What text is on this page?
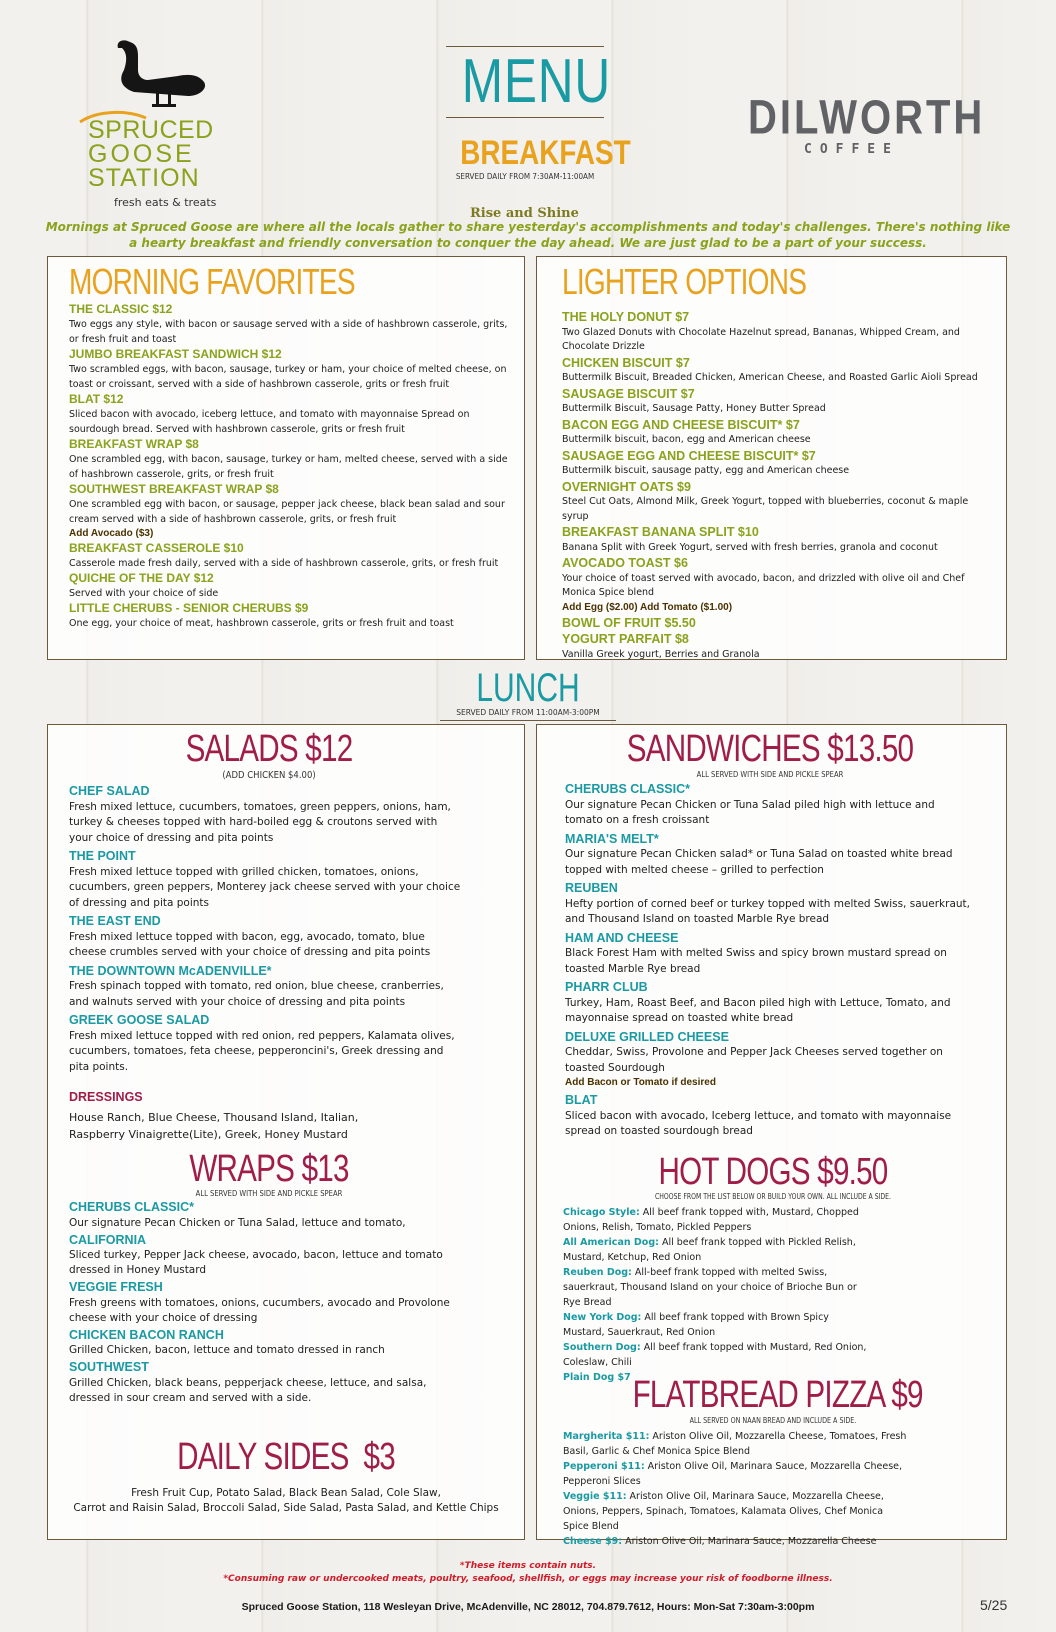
SPRUCED
GOOSE
STATION
fresh eats & treats
DILWORTH
COFFEE
MENU
BREAKFAST
SERVED DAILY FROM 7:30AM-11:00AM
Rise and Shine
Mornings at Spruced Goose are where all the locals gather to share yesterday's accomplishments and today's challenges. There's nothing like
a hearty breakfast and friendly conversation to conquer the day ahead. We are just glad to be a part of your success.
MORNING FAVORITES
THE CLASSIC $12
Two eggs any style, with bacon or sausage served with a side of hashbrown casserole, grits, or fresh fruit and toast
JUMBO BREAKFAST SANDWICH $12
Two scrambled eggs, with bacon, sausage, turkey or ham, your choice of melted cheese, on toast or croissant, served with a side of hashbrown casserole, grits or fresh fruit
BLAT $12
Sliced bacon with avocado, iceberg lettuce, and tomato with mayonnaise Spread on sourdough bread. Served with hashbrown casserole, grits or fresh fruit
BREAKFAST WRAP $8
One scrambled egg, with bacon, sausage, turkey or ham, melted cheese, served with a side of hashbrown casserole, grits, or fresh fruit
SOUTHWEST BREAKFAST WRAP $8
One scrambled egg with bacon, or sausage, pepper jack cheese, black bean salad and sour cream served with a side of hashbrown casserole, grits, or fresh fruit
Add Avocado ($3)
BREAKFAST CASSEROLE $10
Casserole made fresh daily, served with a side of hashbrown casserole, grits, or fresh fruit
QUICHE OF THE DAY $12
Served with your choice of side
LITTLE CHERUBS - SENIOR CHERUBS $9
One egg, your choice of meat, hashbrown casserole, grits or fresh fruit and toast
LIGHTER OPTIONS
THE HOLY DONUT $7
Two Glazed Donuts with Chocolate Hazelnut spread, Bananas, Whipped Cream, and Chocolate Drizzle
CHICKEN BISCUIT $7
Buttermilk Biscuit, Breaded Chicken, American Cheese, and Roasted Garlic Aioli Spread
SAUSAGE BISCUIT $7
Buttermilk Biscuit, Sausage Patty, Honey Butter Spread
BACON EGG AND CHEESE BISCUIT* $7
Buttermilk biscuit, bacon, egg and American cheese
SAUSAGE EGG AND CHEESE BISCUIT* $7
Buttermilk biscuit, sausage patty, egg and American cheese
OVERNIGHT OATS $9
Steel Cut Oats, Almond Milk, Greek Yogurt, topped with blueberries, coconut & maple syrup
BREAKFAST BANANA SPLIT $10
Banana Split with Greek Yogurt, served with fresh berries, granola and coconut
AVOCADO TOAST $6
Your choice of toast served with avocado, bacon, and drizzled with olive oil and Chef Monica Spice blend
Add Egg ($2.00) Add Tomato ($1.00)
BOWL OF FRUIT $5.50
YOGURT PARFAIT $8
Vanilla Greek yogurt, Berries and Granola
LUNCH
SERVED DAILY FROM 11:00AM-3:00PM
SALADS $12
(ADD CHICKEN $4.00)
CHEF SALAD
Fresh mixed lettuce, cucumbers, tomatoes, green peppers, onions, ham, turkey & cheeses topped with hard-boiled egg & croutons served with your choice of dressing and pita points
THE POINT
Fresh mixed lettuce topped with grilled chicken, tomatoes, onions, cucumbers, green peppers, Monterey jack cheese served with your choice of dressing and pita points
THE EAST END
Fresh mixed lettuce topped with bacon, egg, avocado, tomato, blue cheese crumbles served with your choice of dressing and pita points
THE DOWNTOWN McADENVILLE*
Fresh spinach topped with tomato, red onion, blue cheese, cranberries, and walnuts served with your choice of dressing and pita points
GREEK GOOSE SALAD
Fresh mixed lettuce topped with red onion, red peppers, Kalamata olives, cucumbers, tomatoes, feta cheese, pepperoncini's, Greek dressing and pita points.
DRESSINGS
House Ranch, Blue Cheese, Thousand Island, Italian, Raspberry Vinaigrette(Lite), Greek, Honey Mustard
WRAPS $13
ALL SERVED WITH SIDE AND PICKLE SPEAR
CHERUBS CLASSIC*
Our signature Pecan Chicken or Tuna Salad, lettuce and tomato,
CALIFORNIA
Sliced turkey, Pepper Jack cheese, avocado, bacon, lettuce and tomato dressed in Honey Mustard
VEGGIE FRESH
Fresh greens with tomatoes, onions, cucumbers, avocado and Provolone cheese with your choice of dressing
CHICKEN BACON RANCH
Grilled Chicken, bacon, lettuce and tomato dressed in ranch
SOUTHWEST
Grilled Chicken, black beans, pepperjack cheese, lettuce, and salsa, dressed in sour cream and served with a side.
DAILY SIDES  $3
Fresh Fruit Cup, Potato Salad, Black Bean Salad, Cole Slaw,
Carrot and Raisin Salad, Broccoli Salad, Side Salad, Pasta Salad, and Kettle Chips
SANDWICHES $13.50
ALL SERVED WITH SIDE AND PICKLE SPEAR
CHERUBS CLASSIC*
Our signature Pecan Chicken or Tuna Salad piled high with lettuce and tomato on a fresh croissant
MARIA'S MELT*
Our signature Pecan Chicken salad* or Tuna Salad on toasted white bread topped with melted cheese – grilled to perfection
REUBEN
Hefty portion of corned beef or turkey topped with melted Swiss, sauerkraut, and Thousand Island on toasted Marble Rye bread
HAM AND CHEESE
Black Forest Ham with melted Swiss and spicy brown mustard spread on toasted Marble Rye bread
PHARR CLUB
Turkey, Ham, Roast Beef, and Bacon piled high with Lettuce, Tomato, and mayonnaise spread on toasted white bread
DELUXE GRILLED CHEESE
Cheddar, Swiss, Provolone and Pepper Jack Cheeses served together on toasted Sourdough
Add Bacon or Tomato if desired
BLAT
Sliced bacon with avocado, Iceberg lettuce, and tomato with mayonnaise spread on toasted sourdough bread
HOT DOGS $9.50
CHOOSE FROM THE LIST BELOW OR BUILD YOUR OWN. ALL INCLUDE A SIDE.
Chicago Style: All beef frank topped with, Mustard, Chopped Onions, Relish, Tomato, Pickled Peppers
All American Dog: All beef frank topped with Pickled Relish, Mustard, Ketchup, Red Onion
Reuben Dog: All-beef frank topped with melted Swiss, sauerkraut, Thousand Island on your choice of Brioche Bun or Rye Bread
New York Dog: All beef frank topped with Brown Spicy Mustard, Sauerkraut, Red Onion
Southern Dog: All beef frank topped with Mustard, Red Onion, Coleslaw, Chili
Plain Dog $7 FLATBREAD PIZZA $9
ALL SERVED ON NAAN BREAD AND INCLUDE A SIDE.
Margherita $11: Ariston Olive Oil, Mozzarella Cheese, Tomatoes, Fresh Basil, Garlic & Chef Monica Spice Blend
Pepperoni $11: Ariston Olive Oil, Marinara Sauce, Mozzarella Cheese, Pepperoni Slices
Veggie $11: Ariston Olive Oil, Marinara Sauce, Mozzarella Cheese, Onions, Peppers, Spinach, Tomatoes, Kalamata Olives, Chef Monica Spice Blend
Cheese $9: Ariston Olive Oil, Marinara Sauce, Mozzarella Cheese
*These items contain nuts.
*Consuming raw or undercooked meats, poultry, seafood, shellfish, or eggs may increase your risk of foodborne illness.
Spruced Goose Station, 118 Wesleyan Drive, McAdenville, NC 28012, 704.879.7612, Hours: Mon-Sat 7:30am-3:00pm	5/25
